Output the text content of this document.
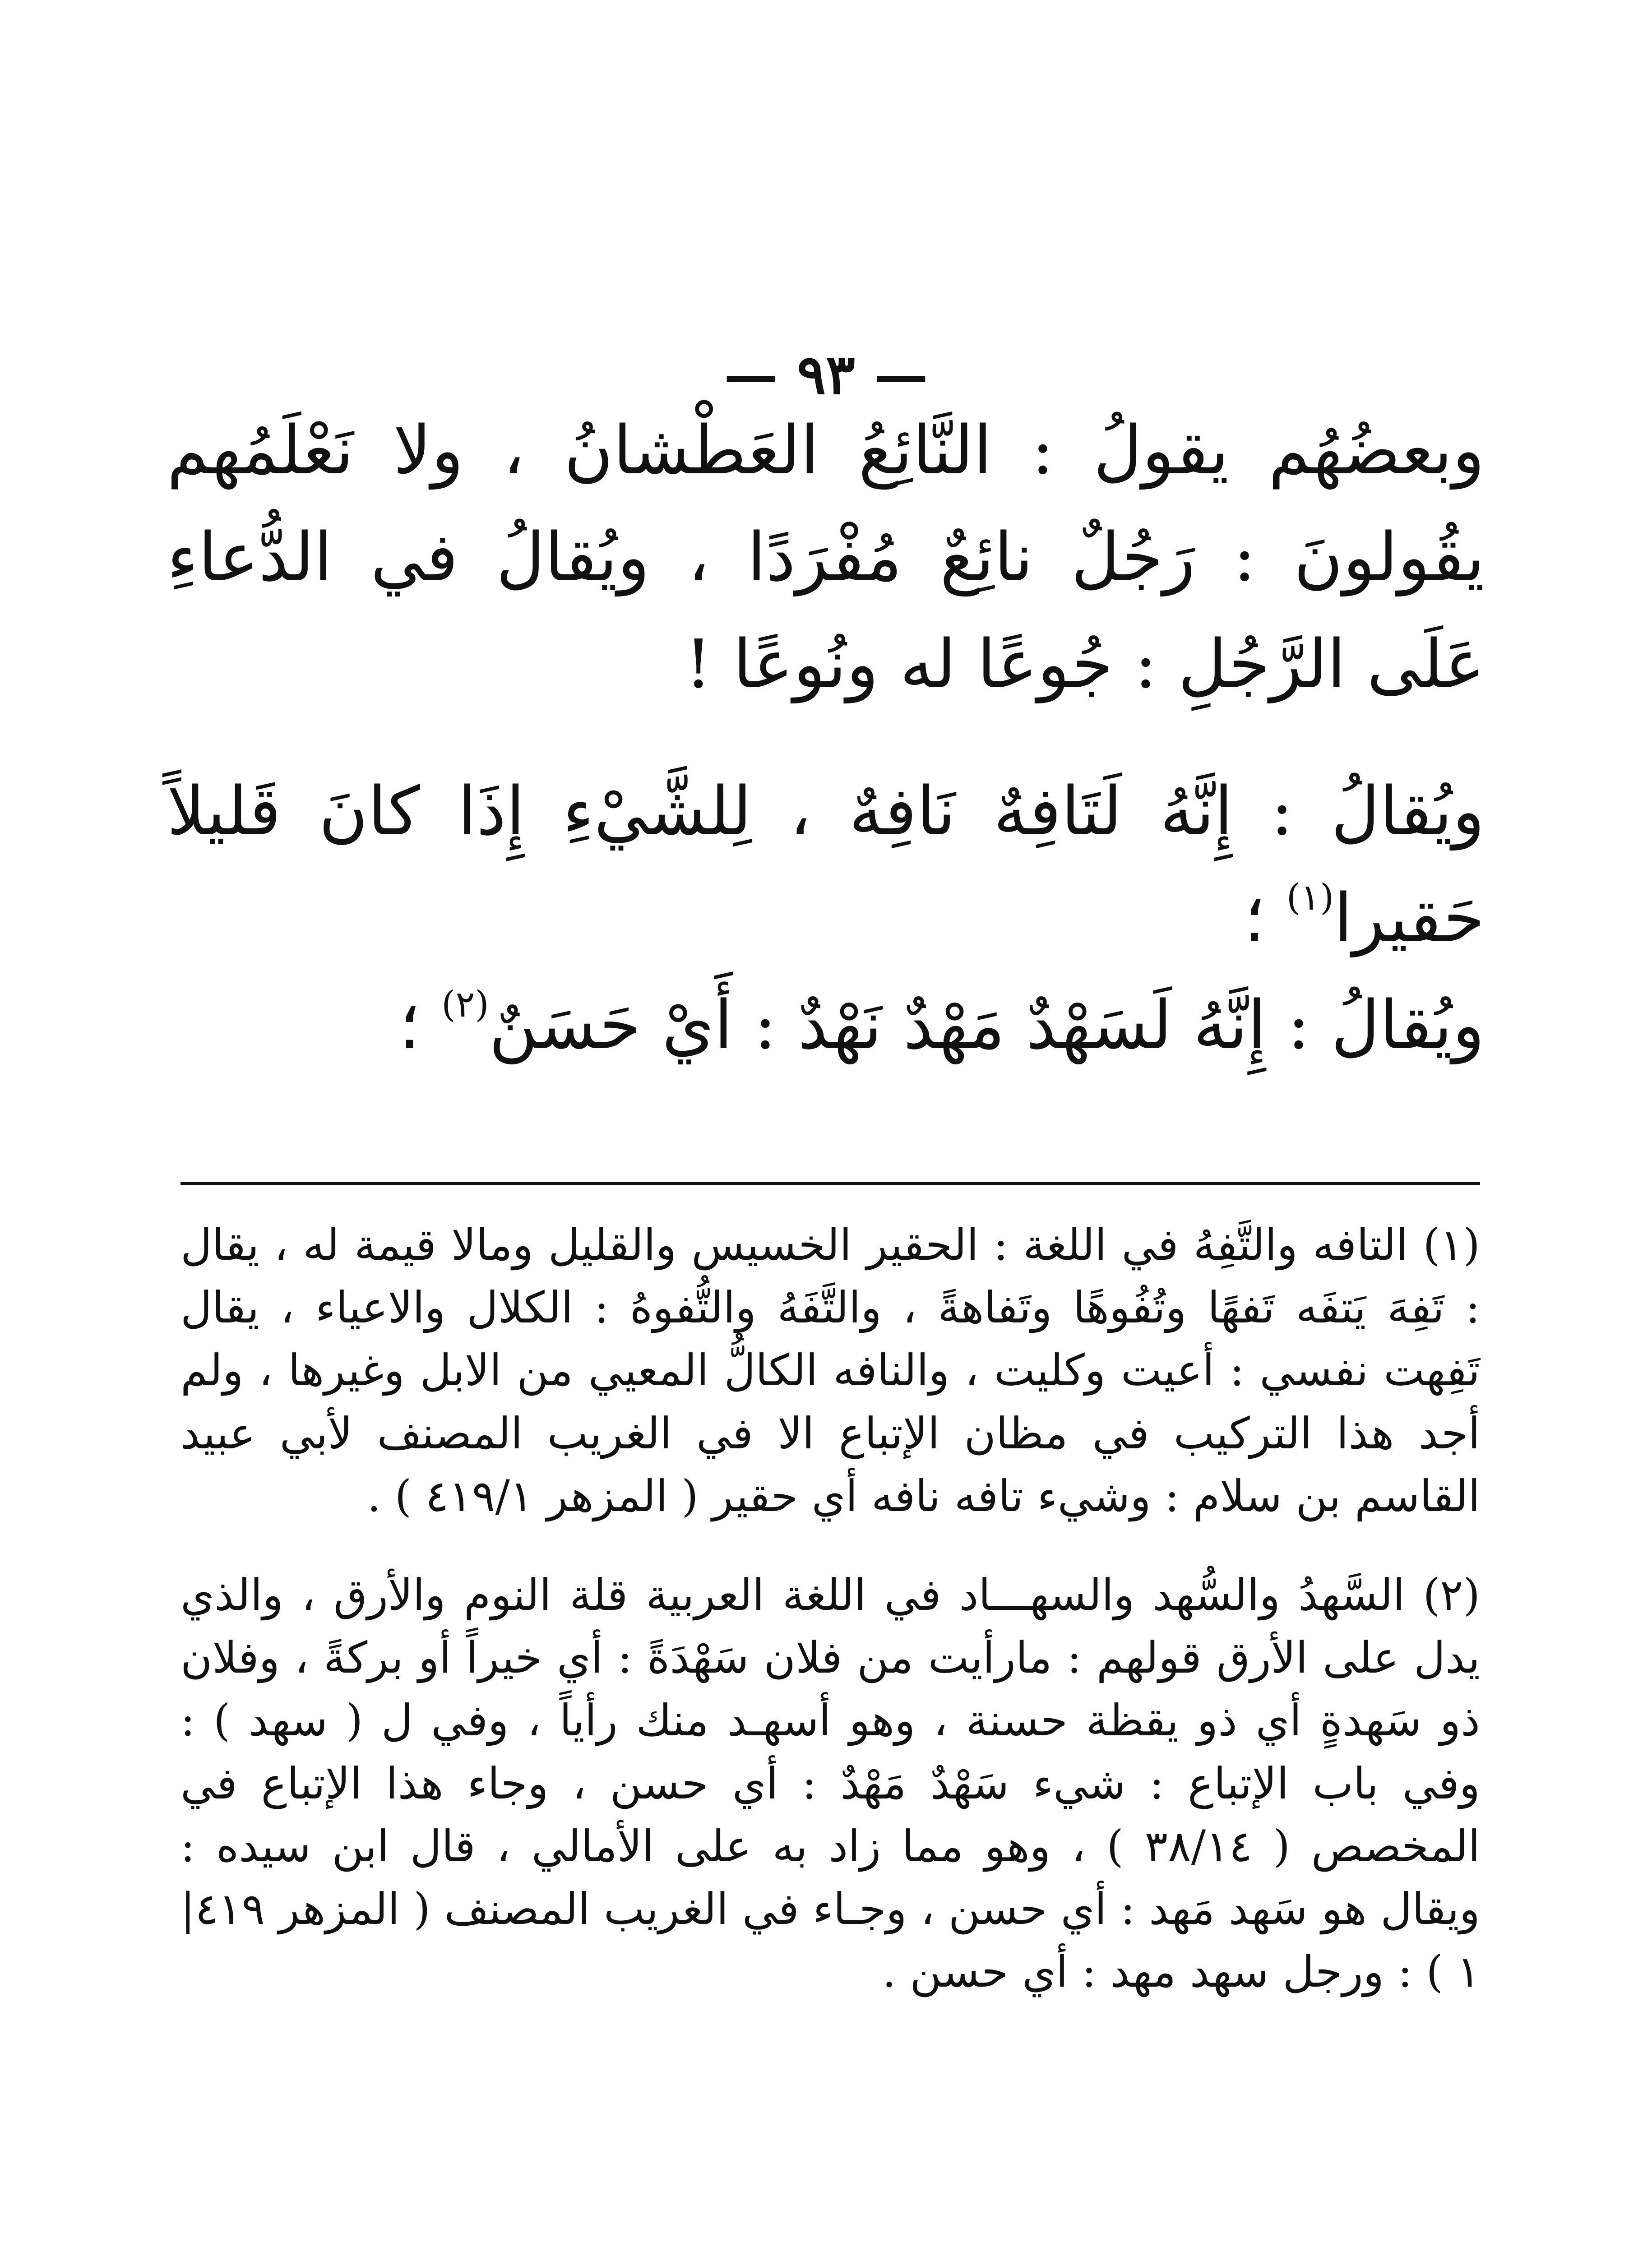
— ٩٣ —

وبعضُهُم يقولُ : النَّائِعُ العَطْشانُ ، ولا نَعْلَمُهم يقُولونَ : رَجُلٌ نائِعٌ مُفْرَدًا ، ويُقالُ في الدُّعاءِ عَلَى الرَّجُلِ : جُوعًا له ونُوعًا !

ويُقالُ : إِنَّهُ لَتَافِهٌ نَافِهٌ ، لِلشَّيْءِ إِذَا كانَ قَليلاً حَقيرا$^{(١)}$ ؛

ويُقالُ : إِنَّهُ لَسَهْدٌ مَهْدٌ نَهْدٌ : أَيْ حَسَنٌ$^{(٢)}$ ؛

(١) التافه والتَّفِهُ في اللغة : الحقير الخسيس والقليل ومالا قيمة له ، يقال : تَفِهَ يَتفَه تَفهًا وتُفُوهًا وتَفاهةً ، والتَّفَهُ والتُّفوهُ : الكلال والاعياء ، يقال تَفِهت نفسي : أعيت وكليت ، والنافه الكالُّ المعيي من الابل وغيرها ، ولم أجد هذا التركيب في مظان الإتباع الا في الغريب المصنف لأبي عبيد القاسم بن سلام : وشيء تافه نافه أي حقير ( المزهر ٤١٩/١ ) .

(٢) السَّهدُ والسُّهد والسهـــاد في اللغة العربية قلة النوم والأرق ، والذي يدل على الأرق قولهم : مارأيت من فلان سَهْدَةً : أي خيراً أو بركةً ، وفلان ذو سَهدةٍ أي ذو يقظة حسنة ، وهو أسهـد منك رأياً ، وفي ل ( سهد ) : وفي باب الإتباع : شيء سَهْدٌ مَهْدٌ : أي حسن ، وجاء هذا الإتباع في المخصص ( ٣٨/١٤ ) ، وهو مما زاد به على الأمالي ، قال ابن سيده : ويقال هو سَهد مَهد : أي حسن ، وجـاء في الغريب المصنف ( المزهر ٤١٩|١ ) : ورجل سهد مهد : أي حسن .
